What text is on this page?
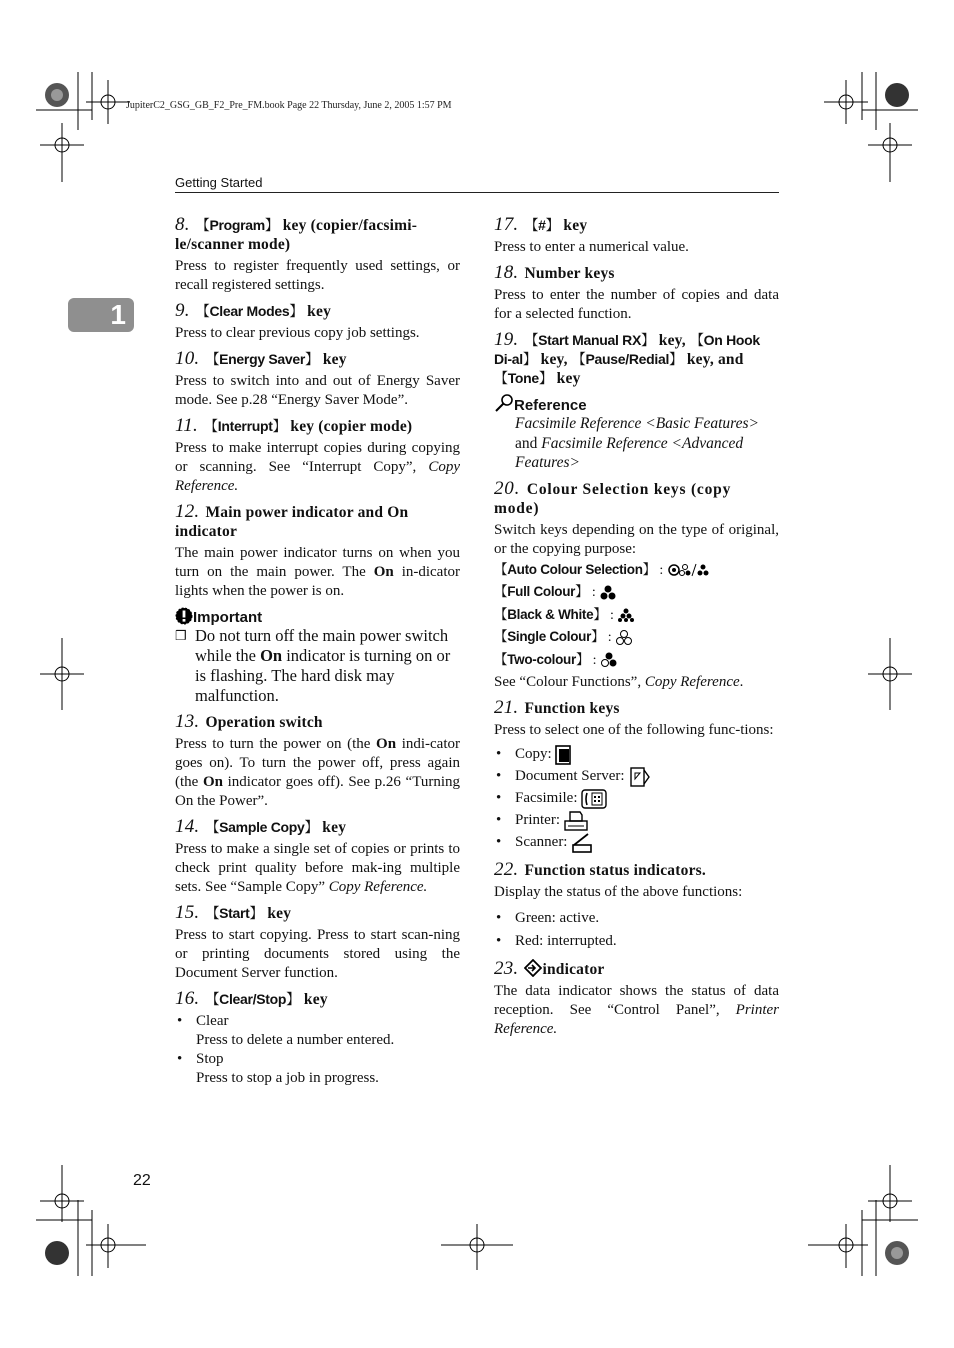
JupiterC2_GSG_GB_F2_Pre_FM.book Page 22 Thursday, June 2, 2005 1:57 PM
Getting Started
1
22
8. 【 Program 】 key (copier/facsimi-le/scanner mode)
Press to register frequently used settings, or recall registered settings.
9. 【 Clear Modes 】 key
Press to clear previous copy job settings.
10. 【 Energy Saver 】 key
Press to switch into and out of Energy Saver mode. See p.28 “Energy Saver Mode”.
11. 【 Interrupt 】 key (copier mode)
Press to make interrupt copies during copying or scanning. See “Interrupt Copy”, Copy Reference.
12. Main power indicator and On indicator
The main power indicator turns on when you turn on the main power. The On in-dicator lights when the power is on.
Important
❒ Do not turn off the main power switch while the On indicator is turning on or is flashing. The hard disk may malfunction.
13. Operation switch
Press to turn the power on (the On indi-cator goes on). To turn the power off, press again (the On indicator goes off). See p.26 “Turning On the Power”.
14. 【 Sample Copy 】 key
Press to make a single set of copies or prints to check print quality before mak-ing multiple sets. See “Sample Copy” Copy Reference.
15. 【 Start 】 key
Press to start copying. Press to start scan-ning or printing documents stored using the Document Server function.
16. 【 Clear/Stop 】 key
• Clear
Press to delete a number entered.
• Stop
Press to stop a job in progress.
17. 【 # 】 key
Press to enter a numerical value.
18. Number keys
Press to enter the number of copies and data for a selected function.
19. 【 Start Manual RX 】 key, 【 On Hook Di-al 】 key, 【 Pause/Redial 】 key, and 【 Tone 】 key
Reference
Facsimile Reference <Basic Features> and Facsimile Reference <Advanced Features>
20. Colour Selection keys (copy mode)
Switch keys depending on the type of original, or the copying purpose:
【 Auto Colour Selection 】 :
【 Full Colour 】 :
【 Black & White 】 :
【 Single Colour 】 :
【 Two-colour 】 :
See “Colour Functions”, Copy Reference.
21. Function keys
Press to select one of the following func-tions:
• Copy:
• Document Server:
• Facsimile:
• Printer:
• Scanner:
22. Function status indicators.
Display the status of the above functions:
• Green: active.
• Red: interrupted.
23. indicator
The data indicator shows the status of data reception. See “Control Panel”, Printer Reference.
